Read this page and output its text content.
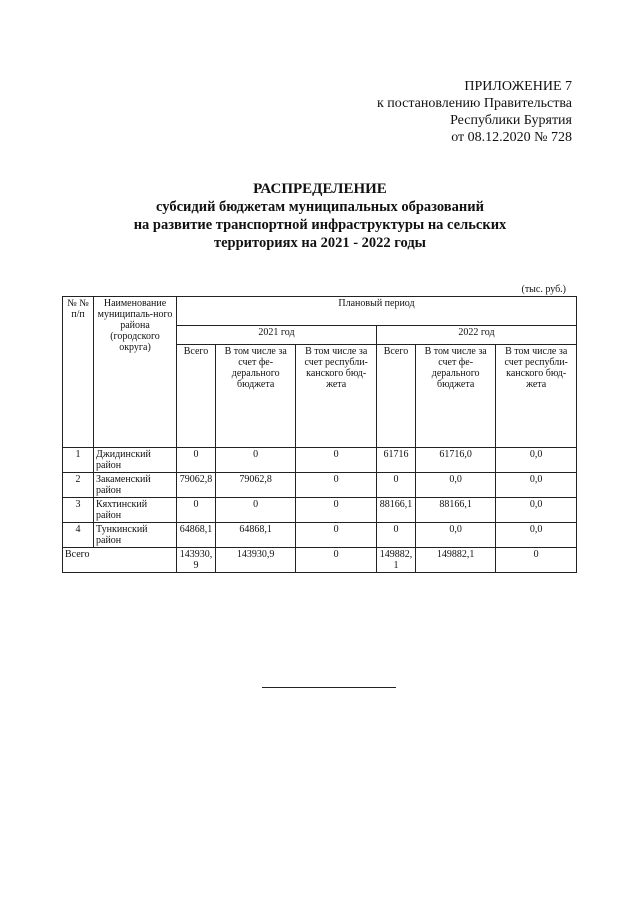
ПРИЛОЖЕНИЕ 7
к постановлению Правительства
Республики Бурятия
от 08.12.2020 № 728
РАСПРЕДЕЛЕНИЕ
субсидий бюджетам муниципальных образований
на развитие транспортной инфраструктуры на сельских
территориях на 2021 - 2022 годы
(тыс. руб.)
№ № п/п	Наименование муниципаль-ного района (городского округа)	Плановый период					
		2021 год			2022 год		
		Всего	В том числе за счет фе-дерального бюджета	В том числе за счет республи-канского бюд-жета	Всего	В том числе за счет фе-дерального бюджета	В том числе за счет республи-канского бюд-жета
1	Джидинский район	0	0	0	61716	61716,0	0,0
2	Закаменский район	79062,8	79062,8	0	0	0,0	0,0
3	Кяхтинский район	0	0	0	88166,1	88166,1	0,0
4	Тункинский район	64868,1	64868,1	0	0	0,0	0,0
Всего		143930, 9	143930,9	0	149882, 1	149882,1	0
